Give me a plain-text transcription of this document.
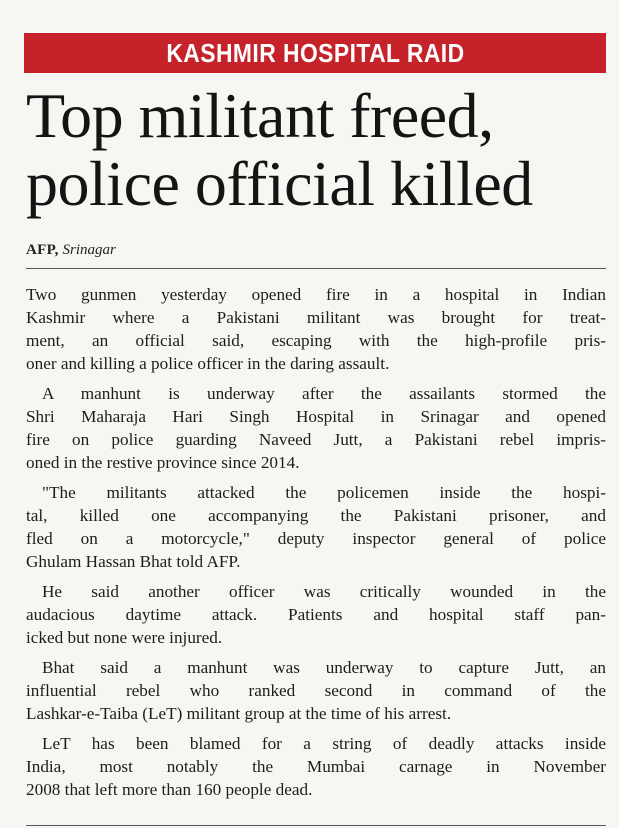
KASHMIR HOSPITAL RAID
Top militant freed,
police official killed
AFP, Srinagar

Two gunmen yesterday opened fire in a hospital in Indian
Kashmir where a Pakistani militant was brought for treat-
ment, an official said, escaping with the high-profile pris-
oner and killing a police officer in the daring assault.

A manhunt is underway after the assailants stormed the
Shri Maharaja Hari Singh Hospital in Srinagar and opened
fire on police guarding Naveed Jutt, a Pakistani rebel impris-
oned in the restive province since 2014.

"The militants attacked the policemen inside the hospi-
tal, killed one accompanying the Pakistani prisoner, and
fled on a motorcycle," deputy inspector general of police
Ghulam Hassan Bhat told AFP.

He said another officer was critically wounded in the
audacious daytime attack. Patients and hospital staff pan-
icked but none were injured.

Bhat said a manhunt was underway to capture Jutt, an
influential rebel who ranked second in command of the
Lashkar-e-Taiba (LeT) militant group at the time of his arrest.

LeT has been blamed for a string of deadly attacks inside
India, most notably the Mumbai carnage in November
2008 that left more than 160 people dead.
